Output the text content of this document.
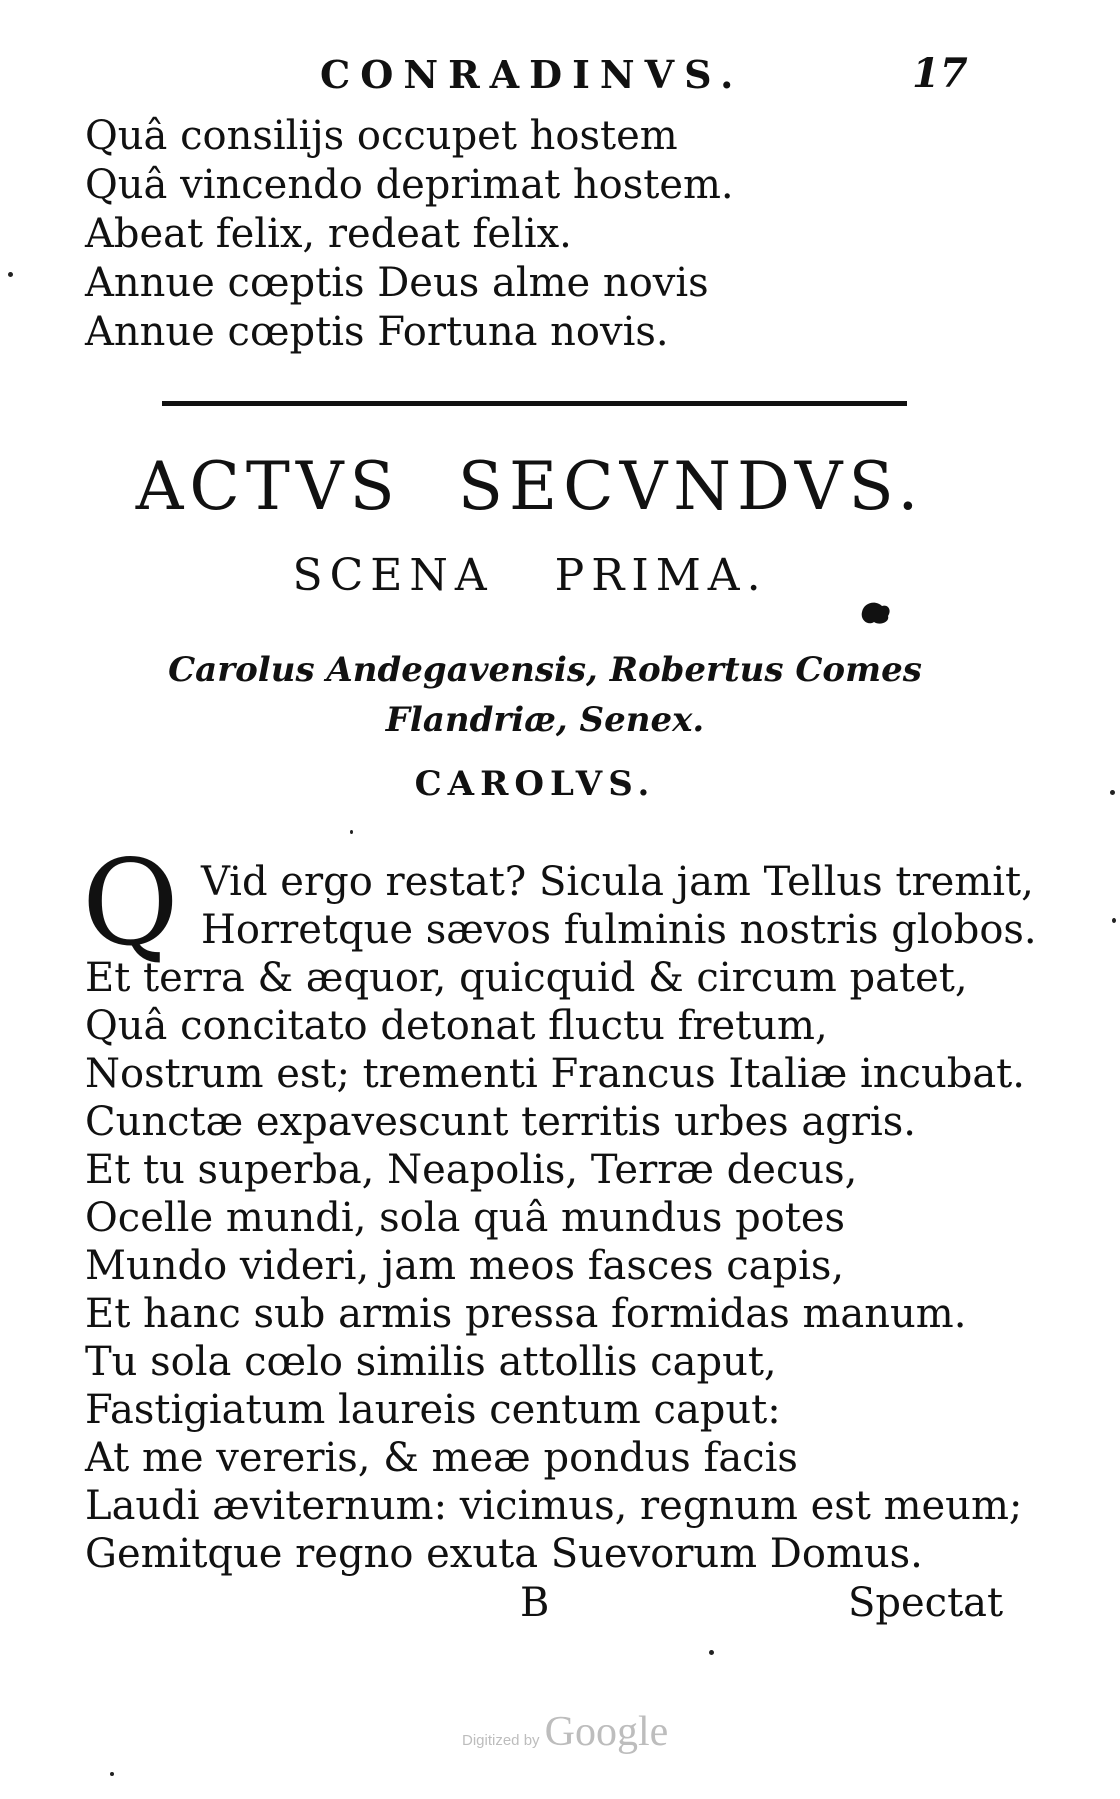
CONRADINVS.	17
Quâ consilijs occupet hostem
Quâ vincendo deprimat hostem.
Abeat felix, redeat felix.
Annue cœptis Deus alme novis
Annue cœptis Fortuna novis.
ACTVS SECVNDVS.
SCENA PRIMA.
Carolus Andegavensis, Robertus Comes
Flandriæ, Senex.
CAROLVS.
Q Vid ergo restat? Sicula jam Tellus tremit,
Horretque sævos fulminis nostris globos.
Et terra & æquor, quicquid & circum patet,
Quâ concitato detonat fluctu fretum,
Nostrum est; trementi Francus Italiæ incubat.
Cunctæ expavescunt territis urbes agris.
Et tu superba, Neapolis, Terræ decus,
Ocelle mundi, sola quâ mundus potes
Mundo videri, jam meos fasces capis,
Et hanc sub armis pressa formidas manum.
Tu sola cœlo similis attollis caput,
Fastigiatum laureis centum caput:
At me vereris, & meæ pondus facis
Laudi æviternum: vicimus, regnum est meum;
Gemitque regno exuta Suevorum Domus.
B	Spectat
Digitized by Google
